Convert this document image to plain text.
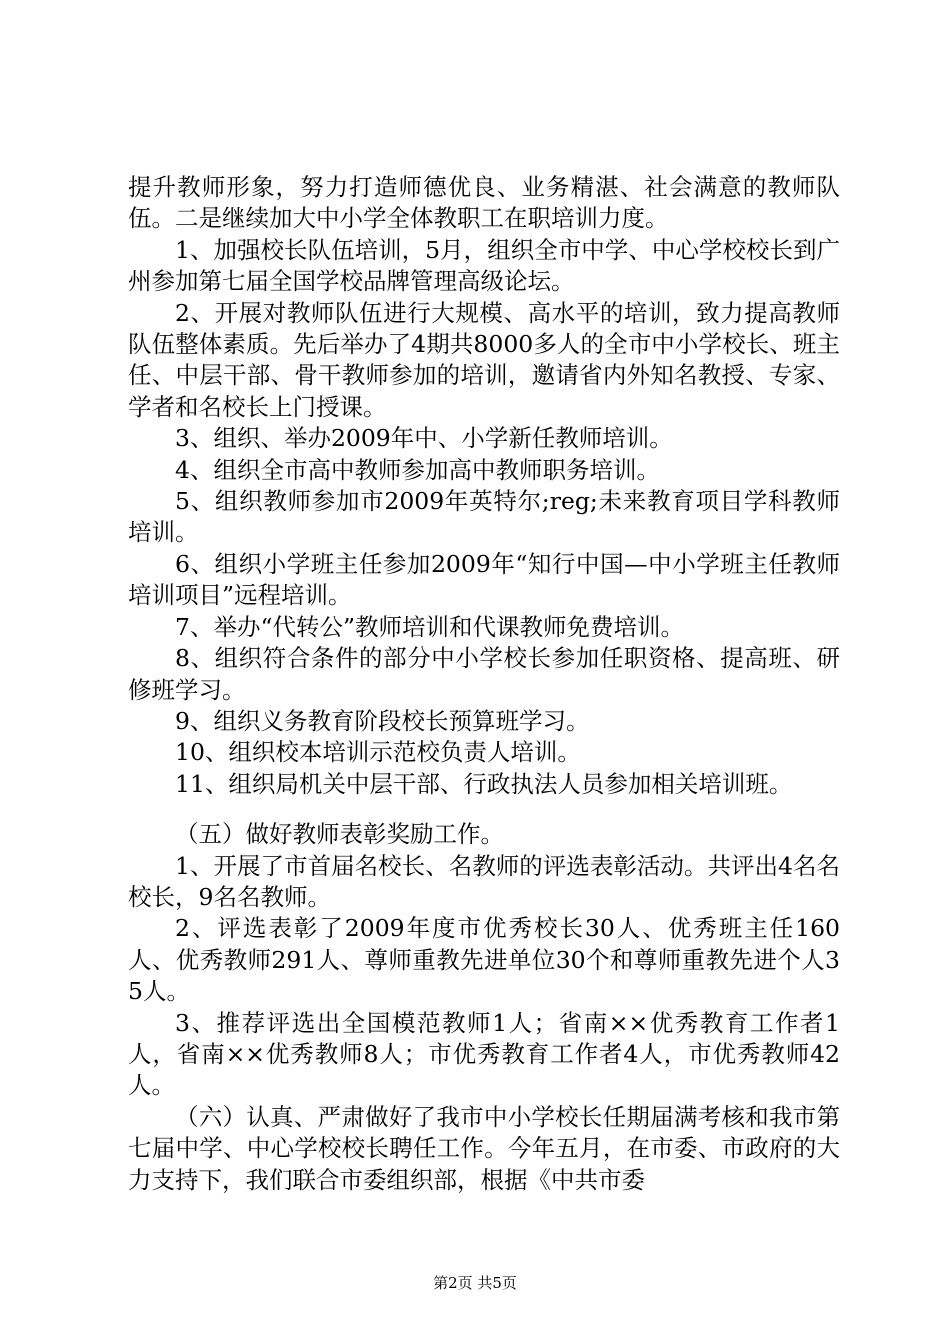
提升教师形象，努力打造师德优良、业务精湛、社会满意的教师队伍。二是继续加大中小学全体教职工在职培训力度。

1、加强校长队伍培训，5月，组织全市中学、中心学校校长到广州参加第七届全国学校品牌管理高级论坛。

2、开展对教师队伍进行大规模、高水平的培训，致力提高教师队伍整体素质。先后举办了4期共8000多人的全市中小学校长、班主任、中层干部、骨干教师参加的培训，邀请省内外知名教授、专家、学者和名校长上门授课。

3、组织、举办2009年中、小学新任教师培训。

4、组织全市高中教师参加高中教师职务培训。

5、组织教师参加市2009年英特尔;reg;未来教育项目学科教师培训。

6、组织小学班主任参加2009年“知行中国—中小学班主任教师培训项目”远程培训。

7、举办“代转公”教师培训和代课教师免费培训。

8、组织符合条件的部分中小学校长参加任职资格、提高班、研修班学习。

9、组织义务教育阶段校长预算班学习。

10、组织校本培训示范校负责人培训。

11、组织局机关中层干部、行政执法人员参加相关培训班。

（五）做好教师表彰奖励工作。

1、开展了市首届名校长、名教师的评选表彰活动。共评出4名名校长，9名名教师。

2、评选表彰了2009年度市优秀校长30人、优秀班主任160人、优秀教师291人、尊师重教先进单位30个和尊师重教先进个人35人。

3、推荐评选出全国模范教师1人；省南××优秀教育工作者1人，省南××优秀教师8人；市优秀教育工作者4人，市优秀教师42人。

（六）认真、严肃做好了我市中小学校长任期届满考核和我市第七届中学、中心学校校长聘任工作。今年五月，在市委、市政府的大力支持下，我们联合市委组织部，根据《中共市委

第2页 共5页
